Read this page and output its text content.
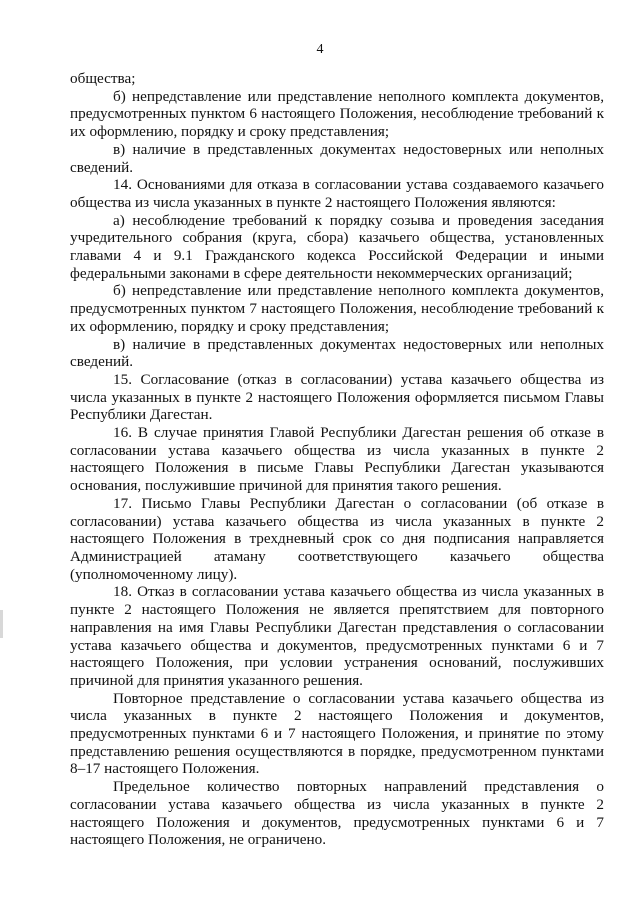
4

общества;

б) непредставление или представление неполного комплекта документов, предусмотренных пунктом 6 настоящего Положения, несоблюдение требований к их оформлению, порядку и сроку представления;

в) наличие в представленных документах недостоверных или неполных сведений.

14. Основаниями для отказа в согласовании устава создаваемого казачьего общества из числа указанных в пункте 2 настоящего Положения являются:

а) несоблюдение требований к порядку созыва и проведения заседания учредительного собрания (круга, сбора) казачьего общества, установленных главами 4 и 9.1 Гражданского кодекса Российской Федерации и иными федеральными законами в сфере деятельности некоммерческих организаций;

б) непредставление или представление неполного комплекта документов, предусмотренных пунктом 7 настоящего Положения, несоблюдение требований к их оформлению, порядку и сроку представления;

в) наличие в представленных документах недостоверных или неполных сведений.

15. Согласование (отказ в согласовании) устава казачьего общества из числа указанных в пункте 2 настоящего Положения оформляется письмом Главы Республики Дагестан.

16. В случае принятия Главой Республики Дагестан решения об отказе в согласовании устава казачьего общества из числа указанных в пункте 2 настоящего Положения в письме Главы Республики Дагестан указываются основания, послужившие причиной для принятия такого решения.

17. Письмо Главы Республики Дагестан о согласовании (об отказе в согласовании) устава казачьего общества из числа указанных в пункте 2 настоящего Положения в трехдневный срок со дня подписания направляется Администрацией атаману соответствующего казачьего общества (уполномоченному лицу).

18. Отказ в согласовании устава казачьего общества из числа указанных в пункте 2 настоящего Положения не является препятствием для повторного направления на имя Главы Республики Дагестан представления о согласовании устава казачьего общества и документов, предусмотренных пунктами 6 и 7 настоящего Положения, при условии устранения оснований, послуживших причиной для принятия указанного решения.

Повторное представление о согласовании устава казачьего общества из числа указанных в пункте 2 настоящего Положения и документов, предусмотренных пунктами 6 и 7 настоящего Положения, и принятие по этому представлению решения осуществляются в порядке, предусмотренном пунктами 8–17 настоящего Положения.

Предельное количество повторных направлений представления о согласовании устава казачьего общества из числа указанных в пункте 2 настоящего Положения и документов, предусмотренных пунктами 6 и 7 настоящего Положения, не ограничено.
